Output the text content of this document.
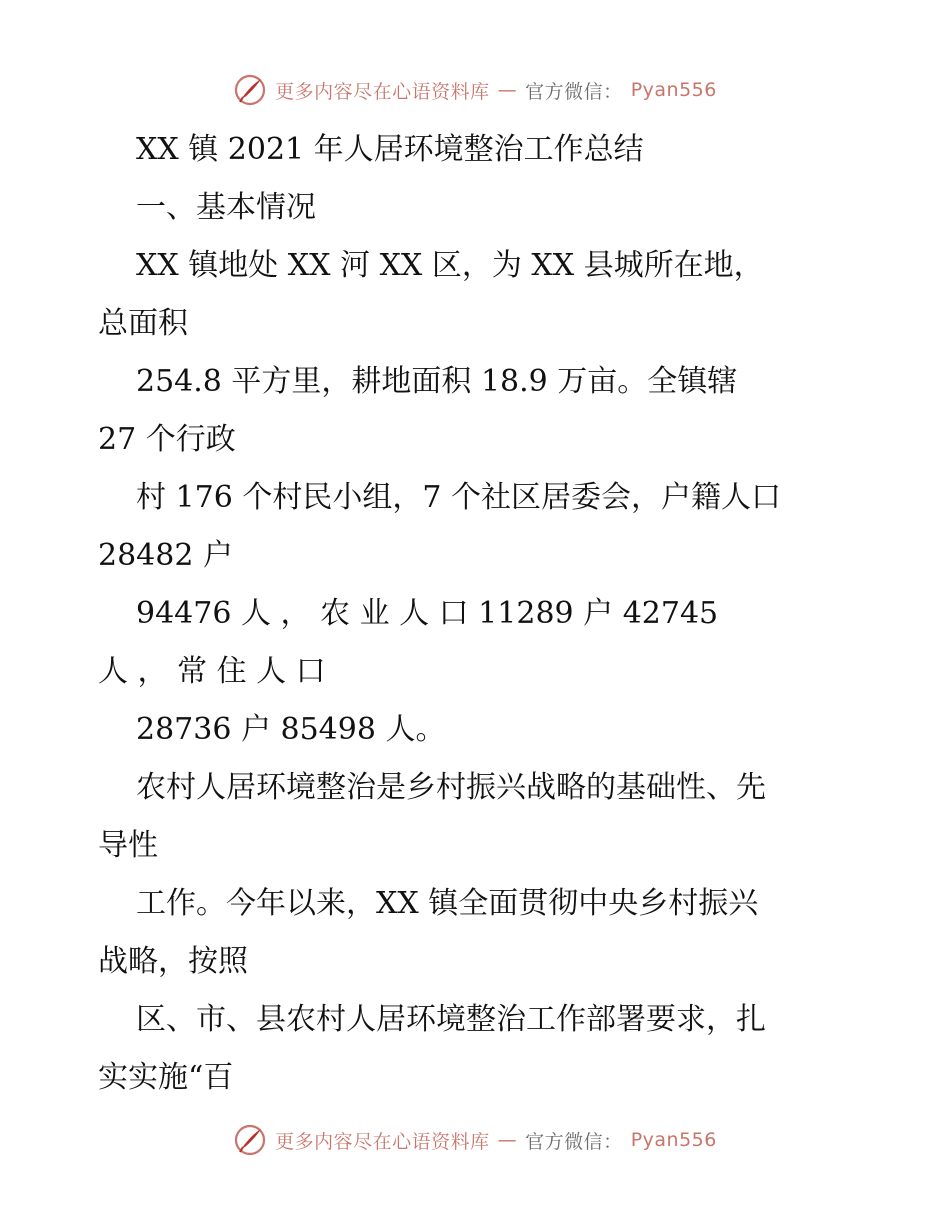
更多内容尽在心语资料库 — 官方微信： Pyan556
XX 镇 2021 年人居环境整治工作总结
一、基本情况
XX 镇地处 XX 河 XX 区，为 XX 县城所在地，
总面积
254.8 平方里，耕地面积 18.9 万亩。全镇辖
27 个行政
村 176 个村民小组，7 个社区居委会，户籍人口
28482 户
94476 人 ， 农 业 人 口 11289 户 42745
人 ， 常 住 人 口
28736 户 85498 人。
农村人居环境整治是乡村振兴战略的基础性、先
导性
工作。今年以来，XX 镇全面贯彻中央乡村振兴
战略，按照
区、市、县农村人居环境整治工作部署要求，扎
实实施“百
更多内容尽在心语资料库 — 官方微信： Pyan556
